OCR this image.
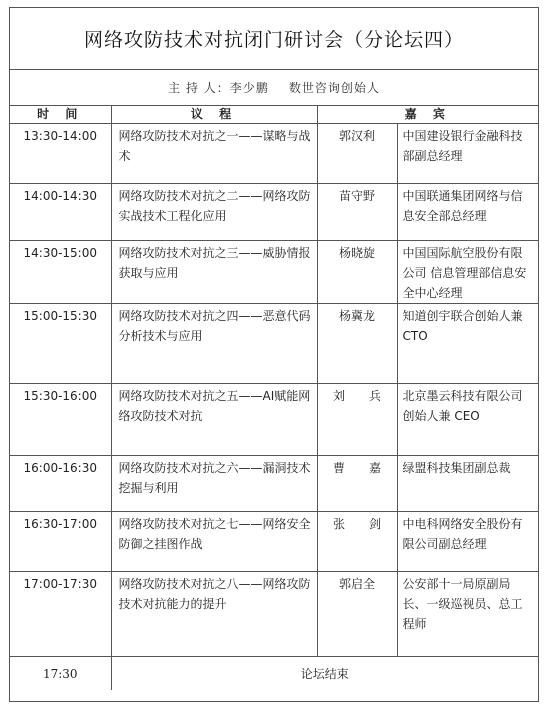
网络攻防技术对抗闭门研讨会（分论坛四）
主 持 人：李少鹏 数世咨询创始人
时 间	议 程	嘉 宾	
13:30-14:00	网络攻防技术对抗之一——谋略与战术	郭汉利	中国建设银行金融科技部副总经理
14:00-14:30	网络攻防技术对抗之二——网络攻防实战技术工程化应用	苗守野	中国联通集团网络与信息安全部总经理
14:30-15:00	网络攻防技术对抗之三——威胁情报获取与应用	杨晓旋	中国国际航空股份有限公司 信息管理部信息安全中心经理
15:00-15:30	网络攻防技术对抗之四——恶意代码分析技术与应用	杨冀龙	知道创宇联合创始人兼 CTO
15:30-16:00	网络攻防技术对抗之五——AI赋能网络攻防技术对抗	刘　　兵	北京墨云科技有限公司创始人兼 CEO
16:00-16:30	网络攻防技术对抗之六——漏洞技术挖掘与利用	曹　　嘉	绿盟科技集团副总裁
16:30-17:00	网络攻防技术对抗之七——网络安全防御之挂图作战	张　　剑	中电科网络安全股份有限公司副总经理
17:00-17:30	网络攻防技术对抗之八——网络攻防技术对抗能力的提升	郭启全	公安部十一局原副局长、一级巡视员、总工程师
17:30	论坛结束		
